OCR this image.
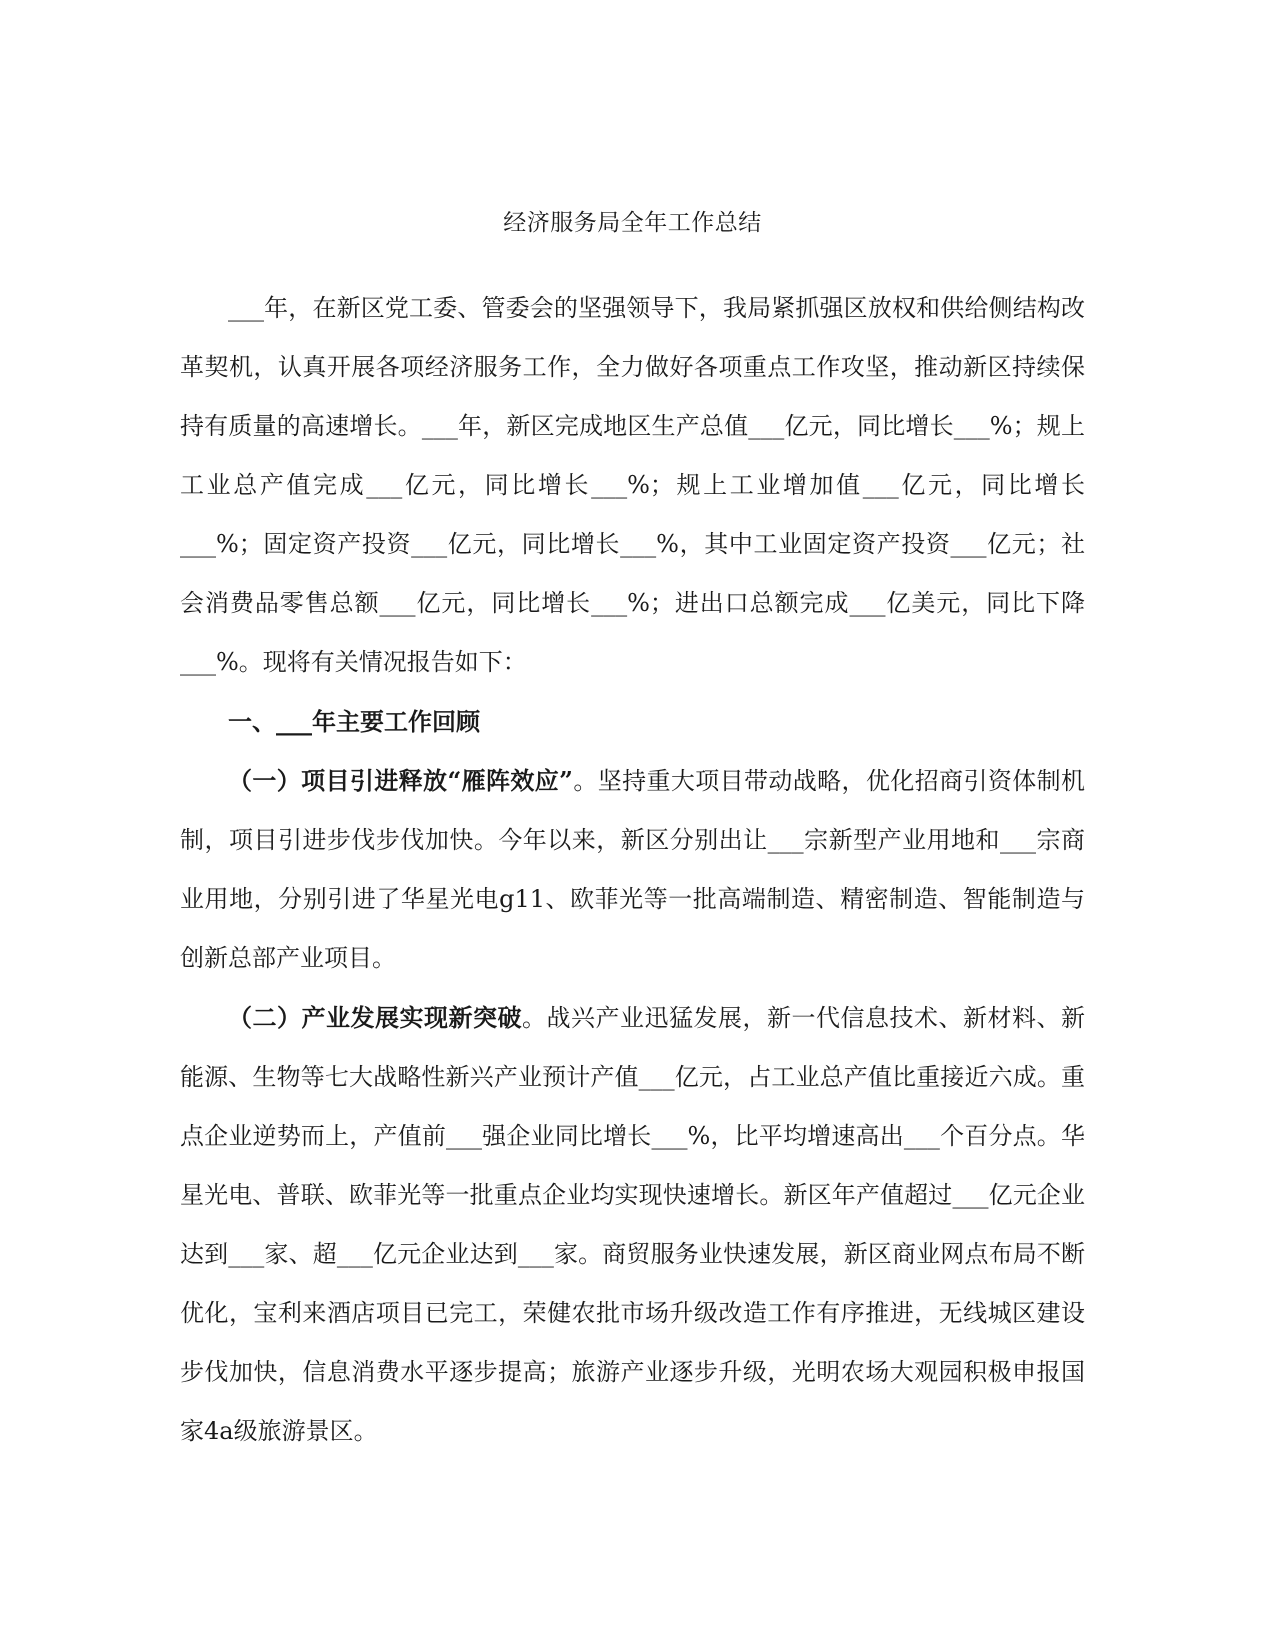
经济服务局全年工作总结

___年，在新区党工委、管委会的坚强领导下，我局紧抓强区放权和供给侧结构改革契机，认真开展各项经济服务工作，全力做好各项重点工作攻坚，推动新区持续保持有质量的高速增长。___年，新区完成地区生产总值___亿元，同比增长___%；规上工业总产值完成___亿元，同比增长___%；规上工业增加值___亿元，同比增长___%；固定资产投资___亿元，同比增长___%，其中工业固定资产投资___亿元；社会消费品零售总额___亿元，同比增长___%；进出口总额完成___亿美元，同比下降___%。现将有关情况报告如下：

一、___年主要工作回顾

（一）项目引进释放“雁阵效应”。坚持重大项目带动战略，优化招商引资体制机制，项目引进步伐步伐加快。今年以来，新区分别出让___宗新型产业用地和___宗商业用地，分别引进了华星光电g11、欧菲光等一批高端制造、精密制造、智能制造与创新总部产业项目。

（二）产业发展实现新突破。战兴产业迅猛发展，新一代信息技术、新材料、新能源、生物等七大战略性新兴产业预计产值___亿元，占工业总产值比重接近六成。重点企业逆势而上，产值前___强企业同比增长___%，比平均增速高出___个百分点。华星光电、普联、欧菲光等一批重点企业均实现快速增长。新区年产值超过___亿元企业达到___家、超___亿元企业达到___家。商贸服务业快速发展，新区商业网点布局不断优化，宝利来酒店项目已完工，荣健农批市场升级改造工作有序推进，无线城区建设步伐加快，信息消费水平逐步提高；旅游产业逐步升级，光明农场大观园积极申报国家4a级旅游景区。
